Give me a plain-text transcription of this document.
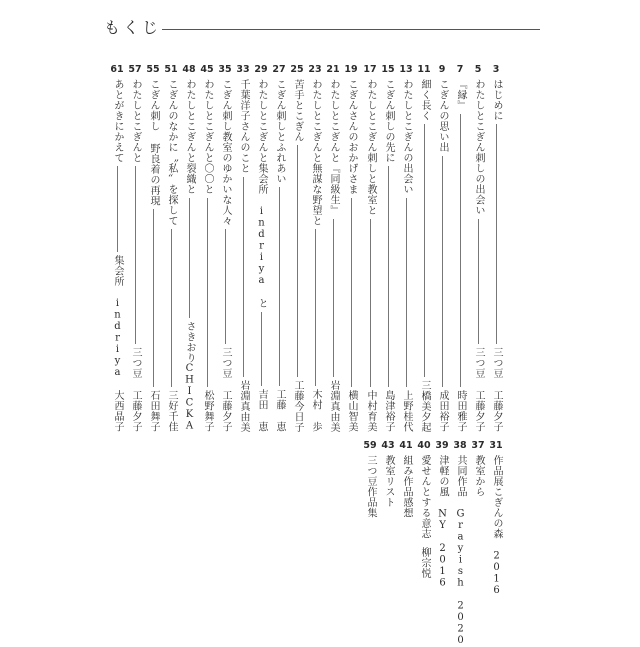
もくじ
3
はじめに
三つ豆 工藤夕子
5
わたしとこぎん刺しの出会い
三つ豆 工藤夕子
7
『縁』
時田雅子
9
こぎんの思い出
成田裕子
11
細く長く
三橋美夕起
13
わたしとこぎんの出会い
上野桂代
15
こぎん刺しの先に
島津裕子
17
わたしとこぎん刺しと教室と
中村育美
19
こぎんさんのおかげさま
横山智美
21
わたしとこぎんと『同級生』
岩淵真由美
23
わたしとこぎんと無謀な野望と
木村 歩
25
苦手とこぎん
工藤今日子
27
こぎん刺しとふれあい
工藤 恵
29
わたしとこぎんと集会所 indriya と
吉田 恵
33
千葉洋子さんのこと
岩淵真由美
35
こぎん刺し教室のゆかいな人々
三つ豆 工藤夕子
45
わたしとこぎんと〇〇と
松野舞子
48
わたしとこぎんと裂織と
さきおりCHICKA
51
こぎんのなかに〝私〟を探して
三好千佳
55
こぎん刺し 野良着の再現
石田舞子
57
わたしとこぎんと
三つ豆 工藤夕子
61
あとがきにかえて
集会所 indriya 大西晶子
31
作品展こぎんの森 2016
37
教室から
38
共同作品 Grayish 2020
39
津軽の風 NY 2016
40
愛せんとする意志
柳宗悦
41
組み作品感想
43
教室リスト
59
三つ豆作品集
